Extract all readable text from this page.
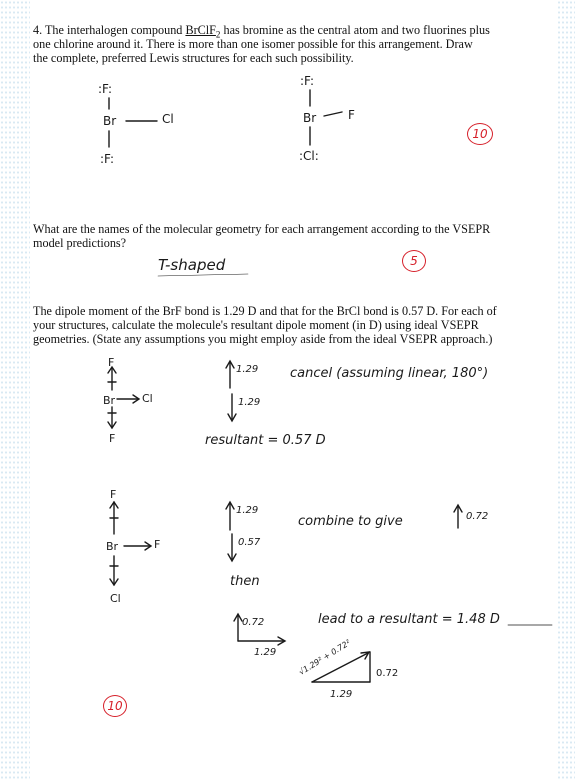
4. The interhalogen compound BrClF$_2$ has bromine as the central atom and two fluorines plus

one chlorine around it. There is more than one isomer possible for this arrangement. Draw

the complete, preferred Lewis structures for each such possibility.

:F:
Br	Cl
:F:
:F:
Br	F
:Cl:
10

What are the names of the molecular geometry for each arrangement according to the VSEPR

model predictions?

T-shaped	5

The dipole moment of the BrF bond is 1.29 D and that for the BrCl bond is 0.57 D. For each of

your structures, calculate the molecule's resultant dipole moment (in D) using ideal VSEPR

geometries. (State any assumptions you might employ aside from the ideal VSEPR approach.)

F
Br Cl
F
1.29
1.29
cancel (assuming linear, 180°)
resultant = 0.57 D
F
Br	F
Cl
1.29
0.57
combine to give	0.72
then
0.72
1.29
lead to a resultant = 1.48 D
√1.29² + 0.72² 0.72
1.29
10
